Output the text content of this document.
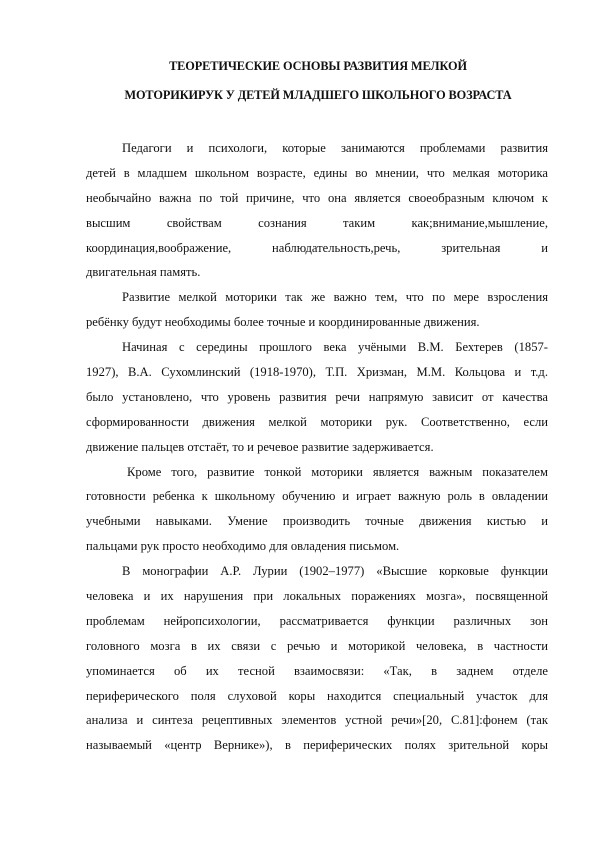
ТЕОРЕТИЧЕСКИЕ ОСНОВЫ РАЗВИТИЯ МЕЛКОЙ
МОТОРИКИРУК У ДЕТЕЙ МЛАДШЕГО ШКОЛЬНОГО ВОЗРАСТА
Педагоги и психологи, которые занимаются проблемами развития
детей в младшем школьном возрасте, едины во мнении, что мелкая моторика
необычайно важна по той причине, что она является своеобразным ключом к
высшим свойствам сознания таким как;внимание,мышление,
координация,воображение, наблюдательность,речь, зрительная и
двигательная память.
Развитие мелкой моторики так же важно тем, что по мере взросления
ребёнку будут необходимы более точные и координированные движения.
Начиная с середины прошлого века учёными В.М. Бехтерев (1857-
1927), В.А. Сухомлинский (1918-1970), Т.П. Хризман, М.М. Кольцова и т.д.
было установлено, что уровень развития речи напрямую зависит от качества
сформированности движения мелкой моторики рук. Соответственно, если
движение пальцев отстаёт, то и речевое развитие задерживается.
Кроме того, развитие тонкой моторики является важным показателем
готовности ребенка к школьному обучению и играет важную роль в овладении
учебными навыками. Умение производить точные движения кистью и
пальцами рук просто необходимо для овладения письмом.
В монографии А.Р. Лурии (1902–1977) «Высшие корковые функции
человека и их нарушения при локальных поражениях мозга», посвященной
проблемам нейропсихологии, рассматривается функции различных зон
головного мозга в их связи с речью и моторикой человека, в частности
упоминается об их тесной взаимосвязи: «Так, в заднем отделе
периферического поля слуховой коры находится специальный участок для
анализа и синтеза рецептивных элементов устной речи»[20, С.81]:фонем (так
называемый «центр Вернике»), в периферических полях зрительной коры
